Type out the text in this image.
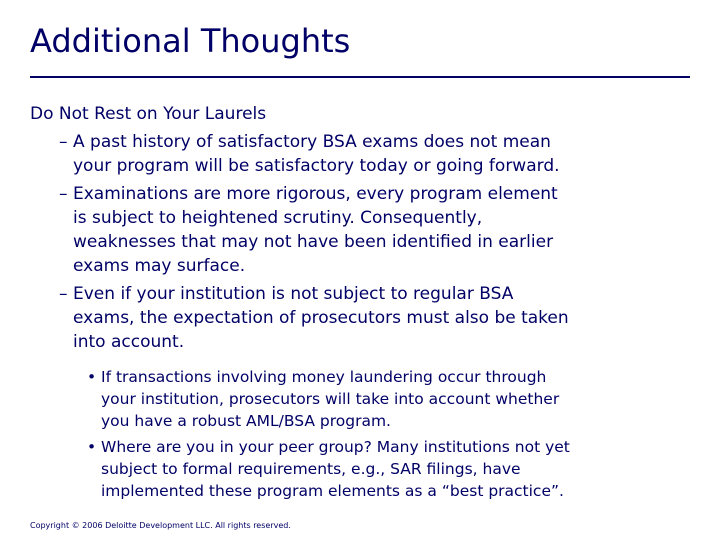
Additional Thoughts
Do Not Rest on Your Laurels
– A past history of satisfactory BSA exams does not mean
your program will be satisfactory today or going forward.
– Examinations are more rigorous, every program element
is subject to heightened scrutiny. Consequently,
weaknesses that may not have been identified in earlier
exams may surface.
– Even if your institution is not subject to regular BSA
exams, the expectation of prosecutors must also be taken
into account.
• If transactions involving money laundering occur through
your institution, prosecutors will take into account whether
you have a robust AML/BSA program.
• Where are you in your peer group? Many institutions not yet
subject to formal requirements, e.g., SAR filings, have
implemented these program elements as a “best practice”.
Copyright © 2006 Deloitte Development LLC. All rights reserved.
